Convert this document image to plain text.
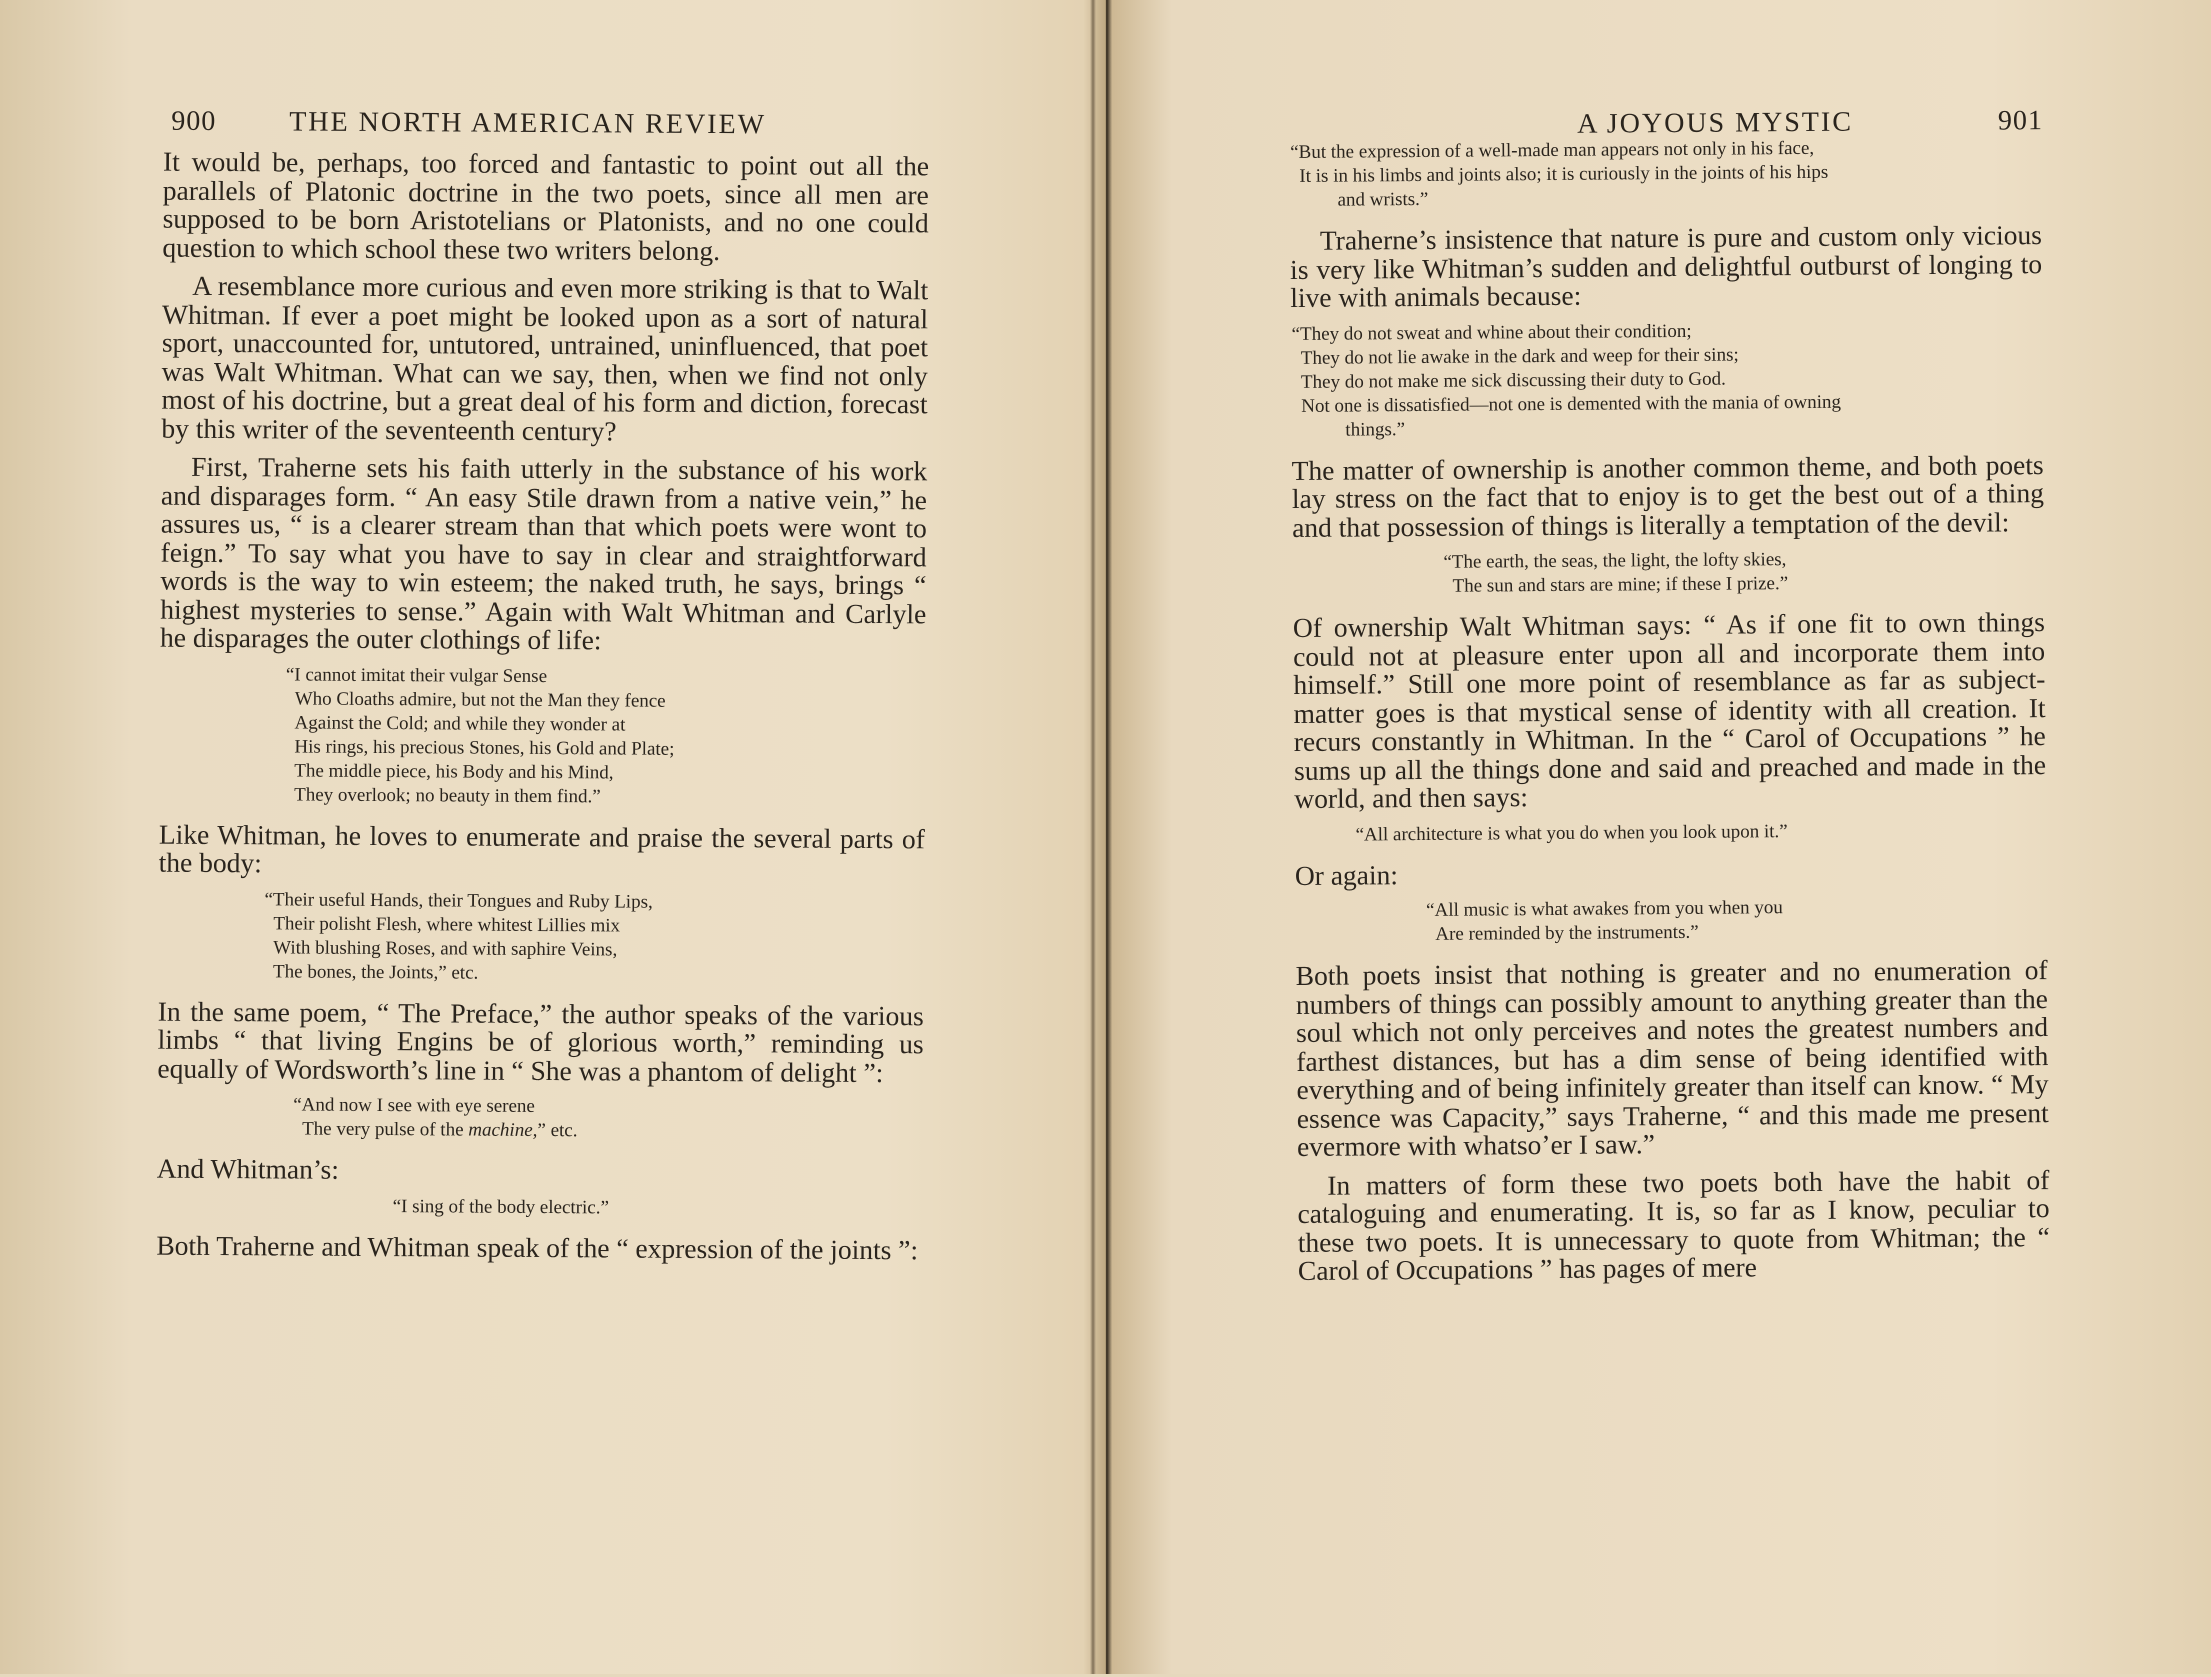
900	THE NORTH AMERICAN REVIEW

It would be, perhaps, too forced and fantastic to point out all the parallels of Platonic doctrine in the two poets, since all men are supposed to be born Aristotelians or Platonists, and no one could question to which school these two writers belong.

A resemblance more curious and even more striking is that to Walt Whitman. If ever a poet might be looked upon as a sort of natural sport, unaccounted for, untutored, untrained, uninfluenced, that poet was Walt Whitman. What can we say, then, when we find not only most of his doctrine, but a great deal of his form and diction, forecast by this writer of the seventeenth century?

First, Traherne sets his faith utterly in the substance of his work and disparages form. “ An easy Stile drawn from a native vein,” he assures us, “ is a clearer stream than that which poets were wont to feign.” To say what you have to say in clear and straightforward words is the way to win esteem; the naked truth, he says, brings “ highest mysteries to sense.” Again with Walt Whitman and Carlyle he disparages the outer clothings of life:

“I cannot imitat their vulgar Sense
Who Cloaths admire, but not the Man they fence
Against the Cold; and while they wonder at
His rings, his precious Stones, his Gold and Plate;
The middle piece, his Body and his Mind,
They overlook; no beauty in them find.”

Like Whitman, he loves to enumerate and praise the several parts of the body:

“Their useful Hands, their Tongues and Ruby Lips,
Their polisht Flesh, where whitest Lillies mix
With blushing Roses, and with saphire Veins,
The bones, the Joints,” etc.

In the same poem, “ The Preface,” the author speaks of the various limbs “ that living Engins be of glorious worth,” reminding us equally of Wordsworth’s line in “ She was a phantom of delight ”:

“And now I see with eye serene
The very pulse of the machine,” etc.

And Whitman’s:

“I sing of the body electric.”

Both Traherne and Whitman speak of the “ expression of the joints ”:

A JOYOUS MYSTIC	901
“But the expression of a well-made man appears not only in his face,
It is in his limbs and joints also; it is curiously in the joints of his hips
and wrists.”

Traherne’s insistence that nature is pure and custom only vicious is very like Whitman’s sudden and delightful outburst of longing to live with animals because:

“They do not sweat and whine about their condition;
They do not lie awake in the dark and weep for their sins;
They do not make me sick discussing their duty to God.
Not one is dissatisfied—not one is demented with the mania of owning
things.”

The matter of ownership is another common theme, and both poets lay stress on the fact that to enjoy is to get the best out of a thing and that possession of things is literally a temptation of the devil:

“The earth, the seas, the light, the lofty skies,
The sun and stars are mine; if these I prize.”

Of ownership Walt Whitman says: “ As if one fit to own things could not at pleasure enter upon all and incorporate them into himself.” Still one more point of resemblance as far as subject-matter goes is that mystical sense of identity with all creation. It recurs constantly in Whitman. In the “ Carol of Occupations ” he sums up all the things done and said and preached and made in the world, and then says:

“All architecture is what you do when you look upon it.”

Or again:

“All music is what awakes from you when you
Are reminded by the instruments.”

Both poets insist that nothing is greater and no enumeration of numbers of things can possibly amount to anything greater than the soul which not only perceives and notes the greatest numbers and farthest distances, but has a dim sense of being identified with everything and of being infinitely greater than itself can know. “ My essence was Capacity,” says Traherne, “ and this made me present evermore with whatso’er I saw.”

In matters of form these two poets both have the habit of cataloguing and enumerating. It is, so far as I know, peculiar to these two poets. It is unnecessary to quote from Whitman; the “ Carol of Occupations ” has pages of mere
